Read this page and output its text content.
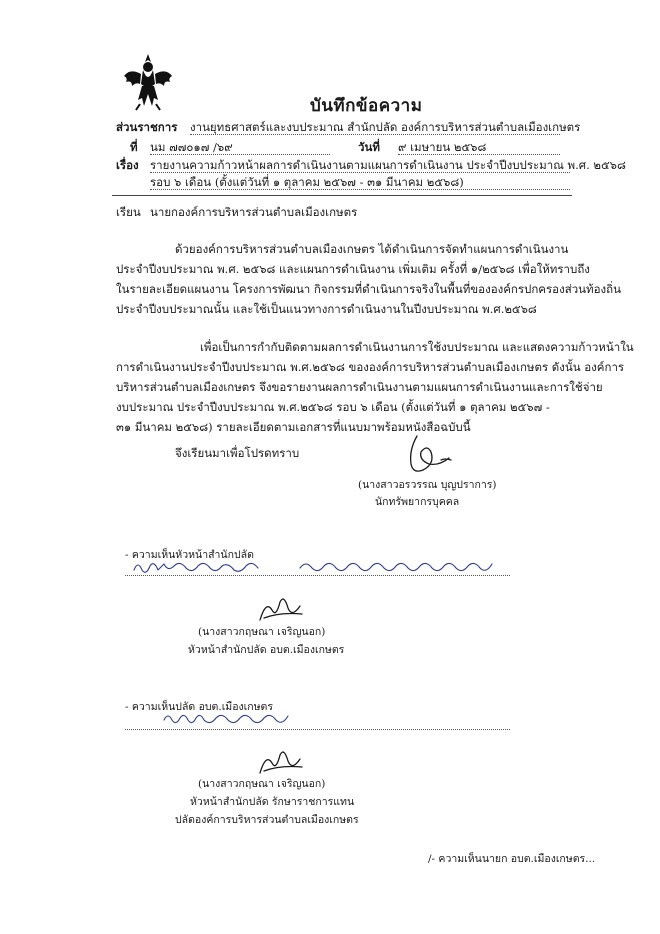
บันทึกข้อความ
ส่วนราชการ งานยุทธศาสตร์และงบประมาณ สำนักปลัด องค์การบริหารส่วนตำบลเมืองเกษตร
ที่ นม ๗๗๐๑๗ /๖๙	วันที่ ๙ เมษายน ๒๕๖๘
เรื่อง รายงานความก้าวหน้าผลการดำเนินงานตามแผนการดำเนินงาน ประจำปีงบประมาณ พ.ศ. ๒๕๖๘
รอบ ๖ เดือน (ตั้งแต่วันที่ ๑ ตุลาคม ๒๕๖๗ - ๓๑ มีนาคม ๒๕๖๘)
เรียน นายกองค์การบริหารส่วนตำบลเมืองเกษตร
ด้วยองค์การบริหารส่วนตำบลเมืองเกษตร ได้ดำเนินการจัดทำแผนการดำเนินงาน
ประจำปีงบประมาณ พ.ศ. ๒๕๖๘ และแผนการดำเนินงาน เพิ่มเติม ครั้งที่ ๑/๒๕๖๘ เพื่อให้ทราบถึง
ในรายละเอียดแผนงาน โครงการพัฒนา กิจกรรมที่ดำเนินการจริงในพื้นที่ขององค์กรปกครองส่วนท้องถิ่น
ประจำปีงบประมาณนั้น และใช้เป็นแนวทางการดำเนินงานในปีงบประมาณ พ.ศ.๒๕๖๘
เพื่อเป็นการกำกับติดตามผลการดำเนินงานการใช้งบประมาณ และแสดงความก้าวหน้าใน
การดำเนินงานประจำปีงบประมาณ พ.ศ.๒๕๖๘ ขององค์การบริหารส่วนตำบลเมืองเกษตร ดังนั้น องค์การ
บริหารส่วนตำบลเมืองเกษตร จึงขอรายงานผลการดำเนินงานตามแผนการดำเนินงานและการใช้จ่าย
งบประมาณ ประจำปีงบประมาณ พ.ศ.๒๕๖๘ รอบ ๖ เดือน (ตั้งแต่วันที่ ๑ ตุลาคม ๒๕๖๗ -
๓๑ มีนาคม ๒๕๖๘) รายละเอียดตามเอกสารที่แนบมาพร้อมหนังสือฉบับนี้
จึงเรียนมาเพื่อโปรดทราบ
(นางสาวอรวรรณ บุญปราการ)
นักทรัพยากรบุคคล
- ความเห็นหัวหน้าสำนักปลัด
(นางสาวกฤษณา เจริญนอก)
หัวหน้าสำนักปลัด อบต.เมืองเกษตร
- ความเห็นปลัด อบต.เมืองเกษตร
(นางสาวกฤษณา เจริญนอก)
หัวหน้าสำนักปลัด รักษาราชการแทน
ปลัดองค์การบริหารส่วนตำบลเมืองเกษตร
/- ความเห็นนายก อบต.เมืองเกษตร...
